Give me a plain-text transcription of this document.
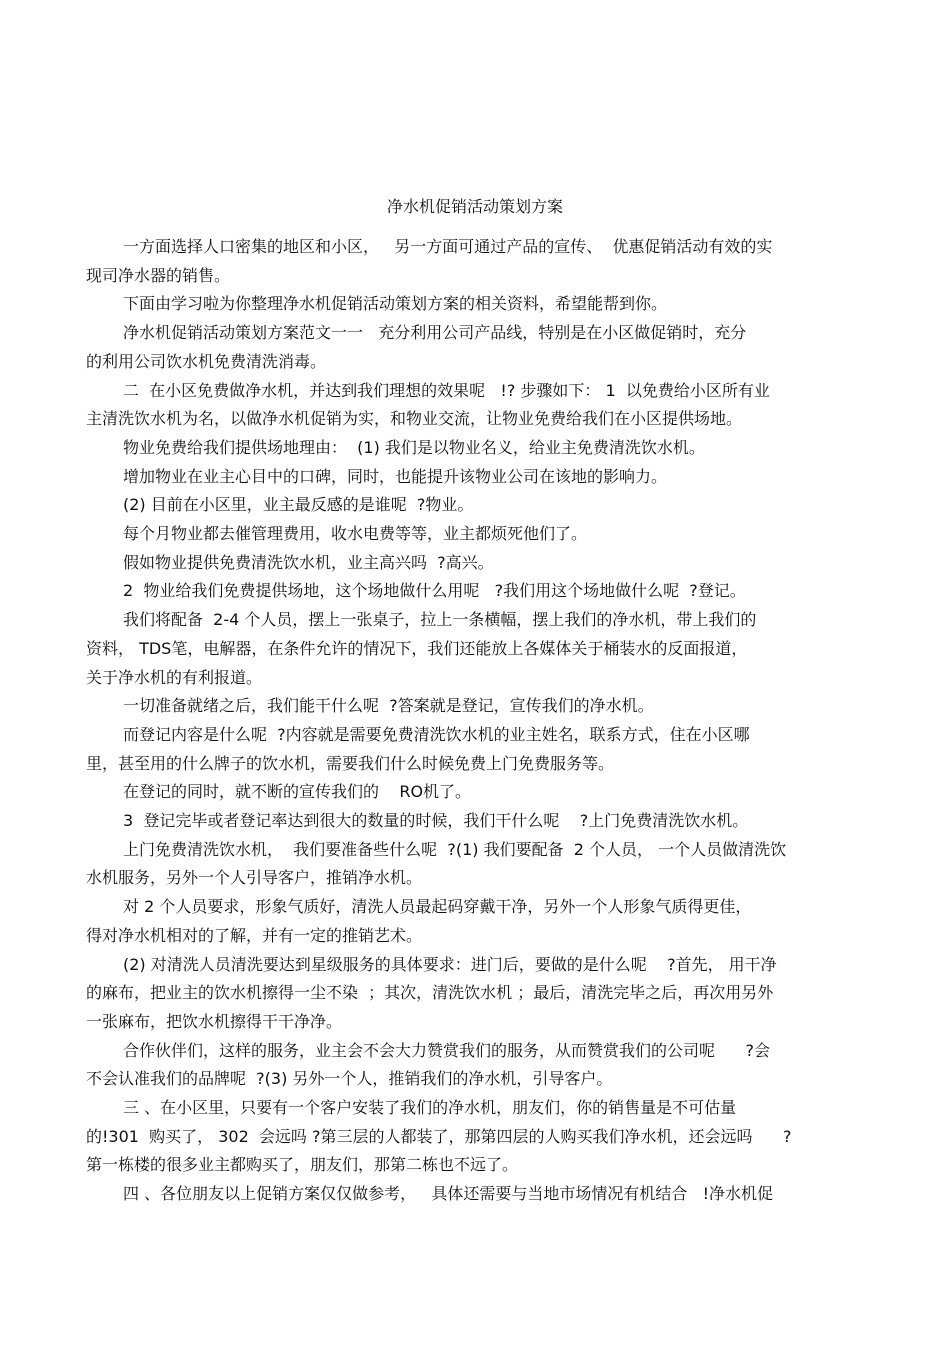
净水机促销活动策划方案
一方面选择人口密集的地区和小区，   另一方面可通过产品的宣传、  优惠促销活动有效的实
现司净水器的销售。
下面由学习啦为你整理净水机促销活动策划方案的相关资料，希望能帮到你。
净水机促销活动策划方案范文一一   充分利用公司产品线，特别是在小区做促销时，充分
的利用公司饮水机免费清洗消毒。
二  在小区免费做净水机，并达到我们理想的效果呢   !? 步骤如下： 1  以免费给小区所有业
主清洗饮水机为名，以做净水机促销为实，和物业交流，让物业免费给我们在小区提供场地。
物业免费给我们提供场地理由：  (1) 我们是以物业名义，给业主免费清洗饮水机。
增加物业在业主心目中的口碑，同时，也能提升该物业公司在该地的影响力。
(2) 目前在小区里，业主最反感的是谁呢  ?物业。
每个月物业都去催管理费用，收水电费等等，业主都烦死他们了。
假如物业提供免费清洗饮水机，业主高兴吗  ?高兴。
2  物业给我们免费提供场地，这个场地做什么用呢   ?我们用这个场地做什么呢  ?登记。
我们将配备  2-4 个人员，摆上一张桌子，拉上一条横幅，摆上我们的净水机，带上我们的
资料， TDS笔，电解器，在条件允许的情况下，我们还能放上各媒体关于桶装水的反面报道，
关于净水机的有利报道。
一切准备就绪之后，我们能干什么呢  ?答案就是登记，宣传我们的净水机。
而登记内容是什么呢  ?内容就是需要免费清洗饮水机的业主姓名，联系方式，住在小区哪
里，甚至用的什么牌子的饮水机，需要我们什么时候免费上门免费服务等。
在登记的同时，就不断的宣传我们的    RO机了。
3  登记完毕或者登记率达到很大的数量的时候，我们干什么呢    ?上门免费清洗饮水机。
上门免费清洗饮水机，  我们要准备些什么呢  ?(1) 我们要配备  2 个人员， 一个人员做清洗饮
水机服务，另外一个人引导客户，推销净水机。
对 2 个人员要求，形象气质好，清洗人员最起码穿戴干净，另外一个人形象气质得更佳，
得对净水机相对的了解，并有一定的推销艺术。
(2) 对清洗人员清洗要达到星级服务的具体要求：进门后，要做的是什么呢    ?首先， 用干净
的麻布，把业主的饮水机擦得一尘不染  ；其次，清洗饮水机 ；最后，清洗完毕之后，再次用另外
一张麻布，把饮水机擦得干干净净。
合作伙伴们，这样的服务，业主会不会大力赞赏我们的服务，从而赞赏我们的公司呢      ?会
不会认准我们的品牌呢  ?(3) 另外一个人，推销我们的净水机，引导客户。
三 、在小区里，只要有一个客户安装了我们的净水机，朋友们，你的销售量是不可估量
的!301  购买了， 302  会远吗 ?第三层的人都装了，那第四层的人购买我们净水机，还会远吗      ?
第一栋楼的很多业主都购买了，朋友们，那第二栋也不远了。
四 、各位朋友以上促销方案仅仅做参考，   具体还需要与当地市场情况有机结合   !净水机促
